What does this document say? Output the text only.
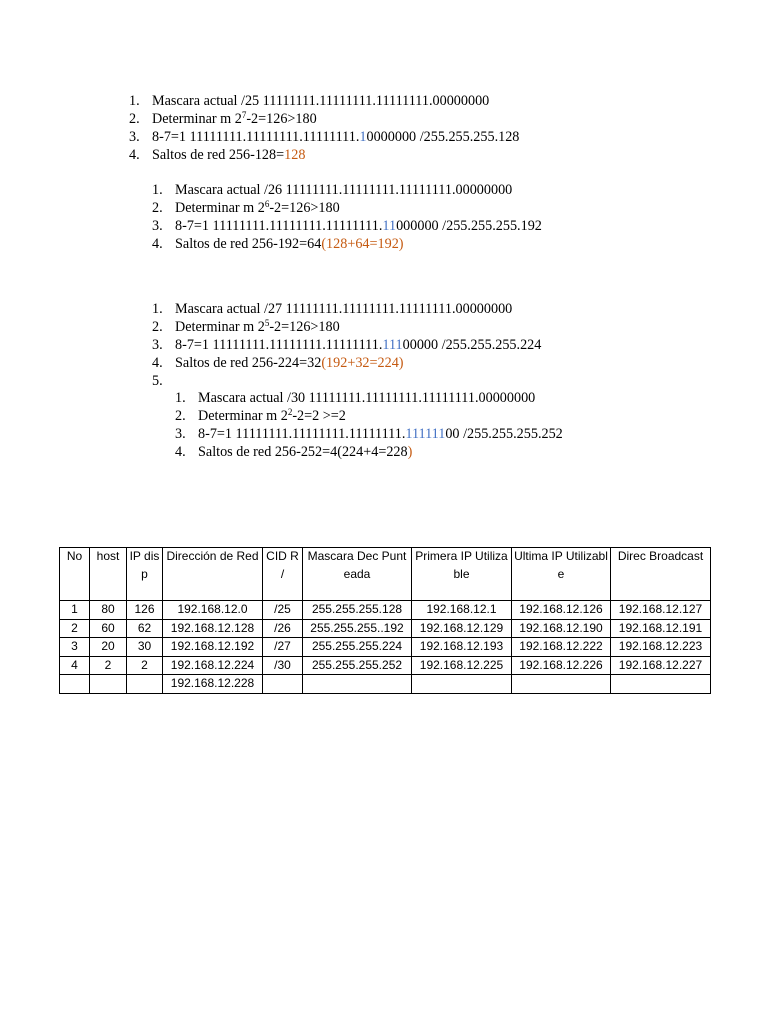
1. Mascara actual /25 11111111.11111111.11111111.00000000
2. Determinar m $2^7-2=126>180$
3. 8-7=1 11111111.11111111.11111111.10000000 /255.255.255.128
4. Saltos de red 256-128=128
1. Mascara actual /26 11111111.11111111.11111111.00000000
2. Determinar m $2^6-2=126>180$
3. 8-7=1 11111111.11111111.11111111.11000000 /255.255.255.192
4. Saltos de red 256-192=64(128+64=192)
1. Mascara actual /27 11111111.11111111.11111111.00000000
2. Determinar m $2^5-2=126>180$
3. 8-7=1 11111111.11111111.11111111.11100000 /255.255.255.224
4. Saltos de red 256-224=32(192+32=224)
5.
1. Mascara actual /30 11111111.11111111.11111111.00000000
2. Determinar m $2^2-2=2 >=2$
3. 8-7=1 11111111.11111111.11111111.11111100 /255.255.255.252
4. Saltos de red 256-252=4(224+4=228)
No	host	IP disp	Dirección de Red	CID R /	Mascara Dec Punteada	Primera IP Utilizable	Ultima IP Utilizable	Direc Broadcast
1	80	126	192.168.12.0	/25	255.255.255.128	192.168.12.1	192.168.12.126	192.168.12.127
2	60	62	192.168.12.128	/26	255.255.255..192	192.168.12.129	192.168.12.190	192.168.12.191
3	20	30	192.168.12.192	/27	255.255.255.224	192.168.12.193	192.168.12.222	192.168.12.223
4	2	2	192.168.12.224	/30	255.255.255.252	192.168.12.225	192.168.12.226	192.168.12.227
			192.168.12.228					
